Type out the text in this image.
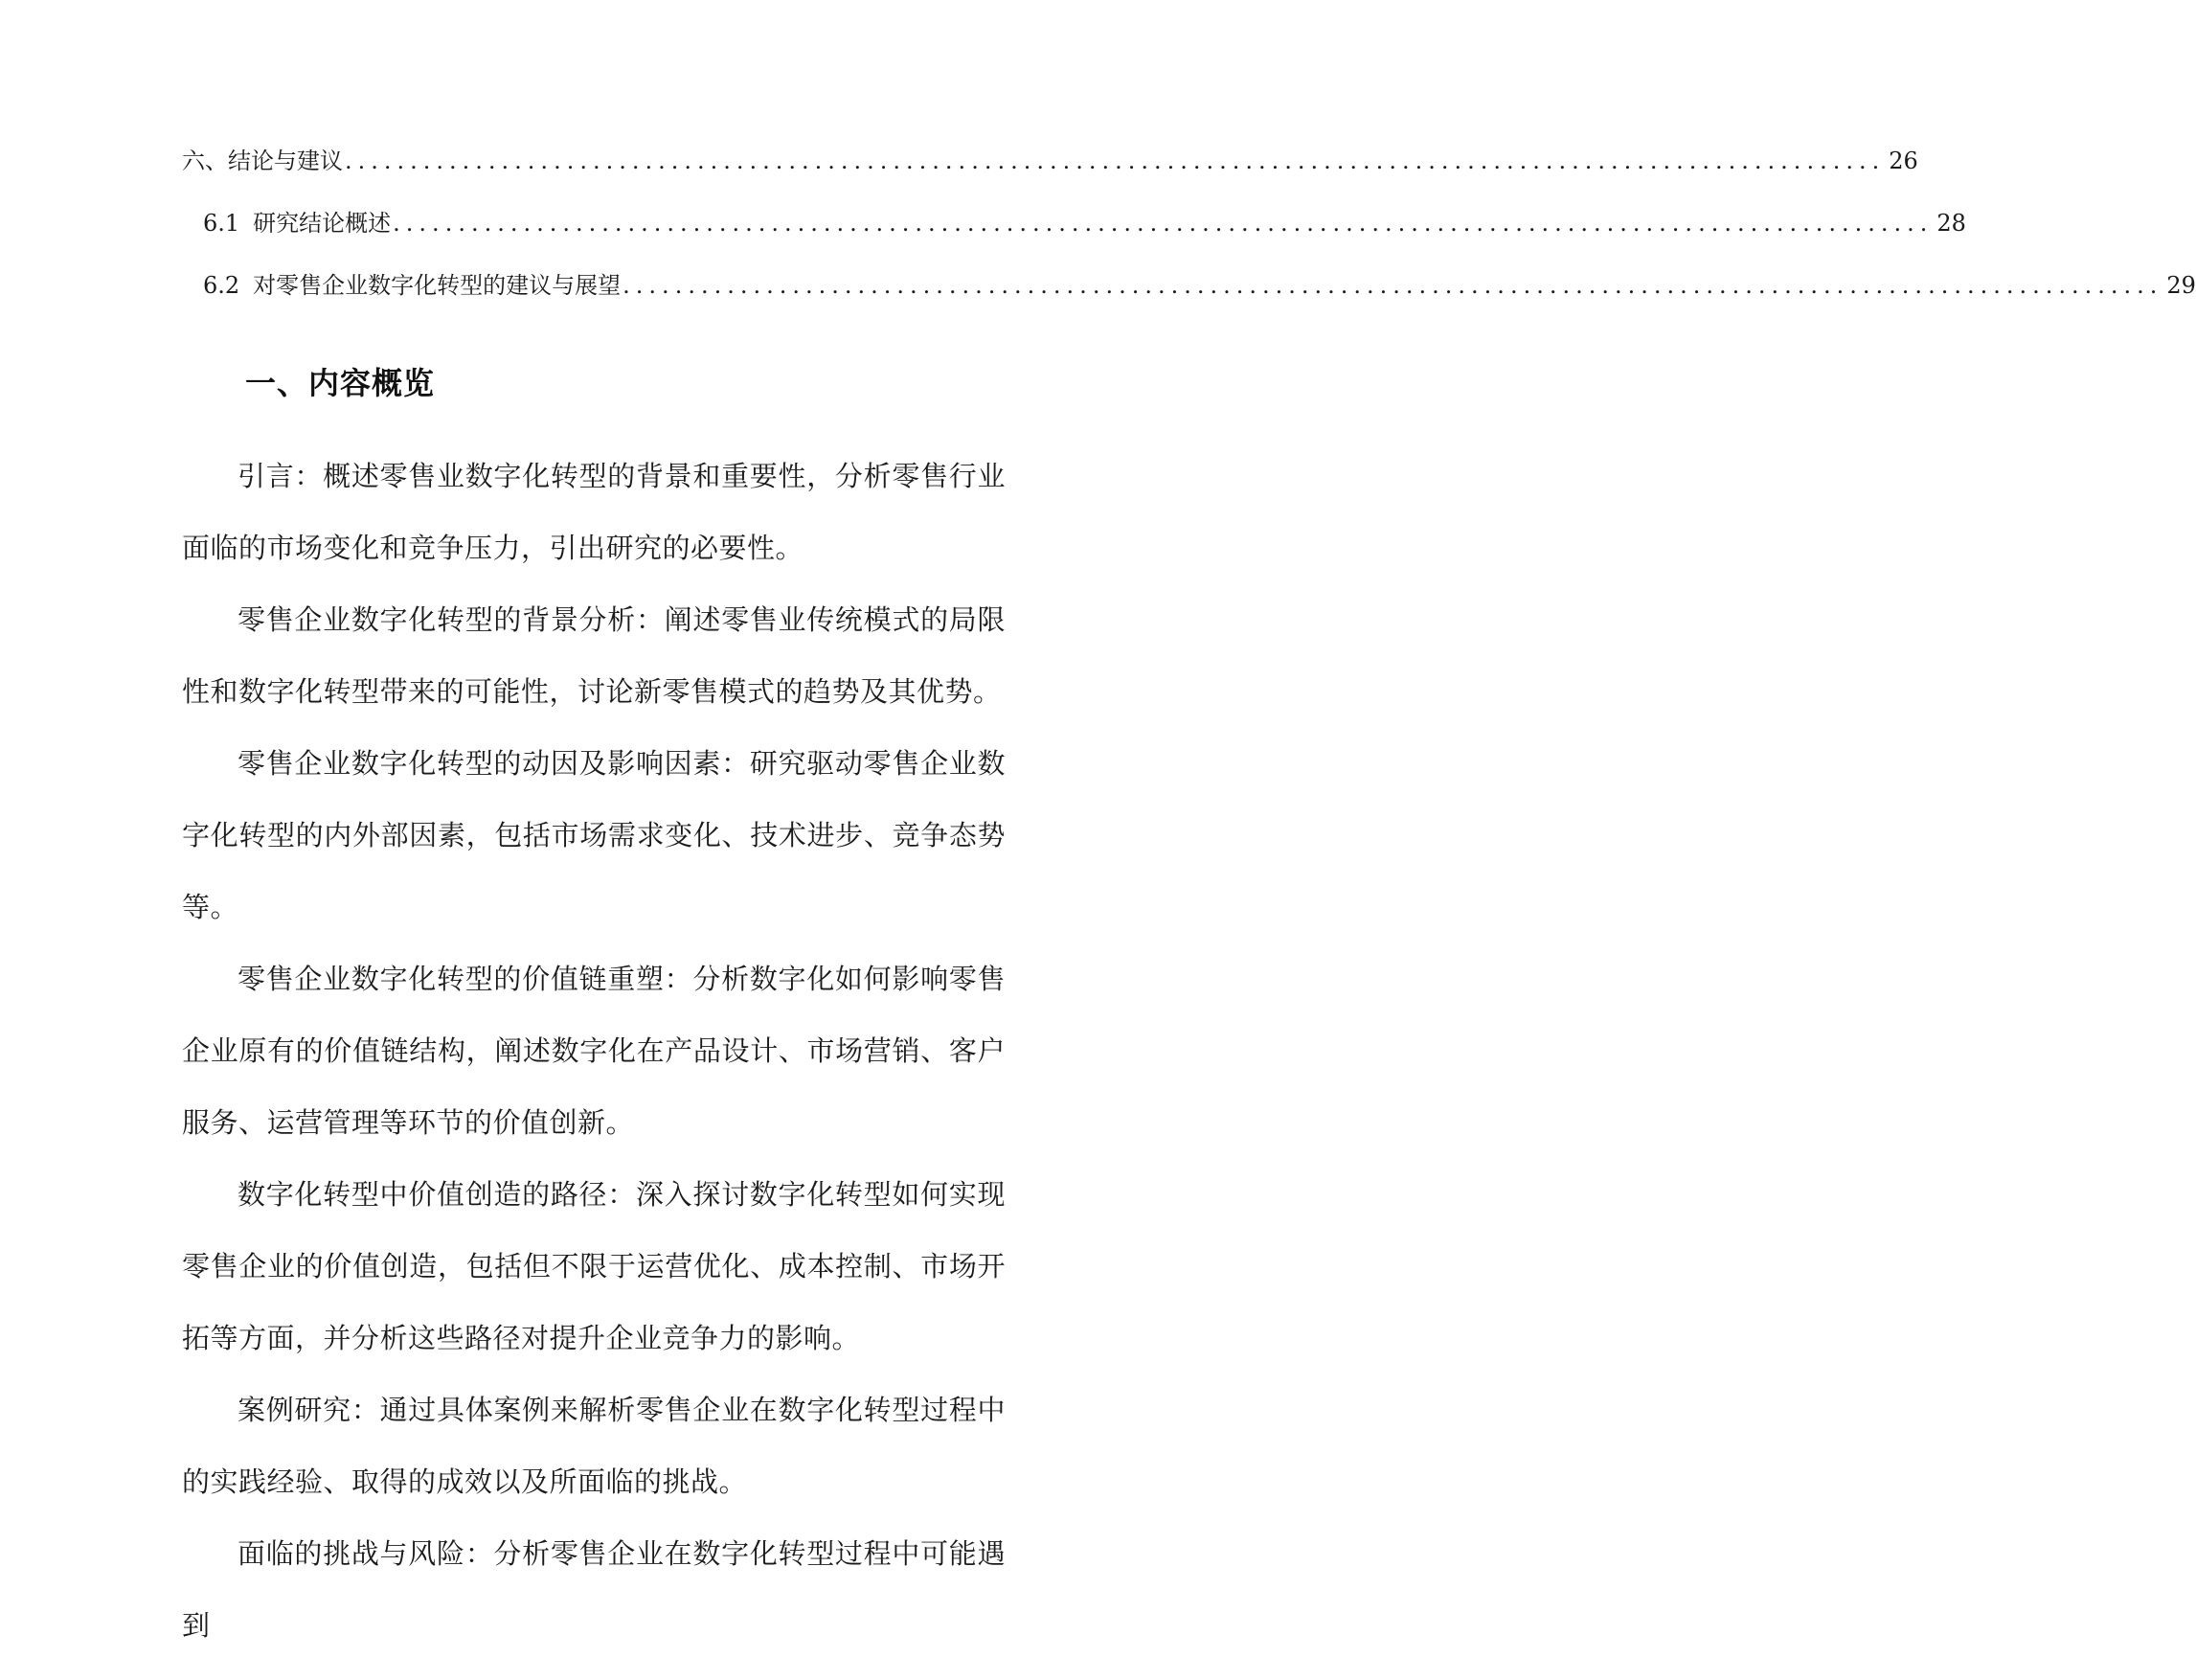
六、结论与建议 ...................................................................................................................... 26
6.1 研究结论概述 ...................................................................................................................... 28
6.2 对零售企业数字化转型的建议与展望 ...................................................................................................................... 29
一、内容概览

引言：概述零售业数字化转型的背景和重要性，分析零售行业面临的市场变化和竞争压力，引出研究的必要性。

零售企业数字化转型的背景分析：阐述零售业传统模式的局限性和数字化转型带来的可能性，讨论新零售模式的趋势及其优势。

零售企业数字化转型的动因及影响因素：研究驱动零售企业数字化转型的内外部因素，包括市场需求变化、技术进步、竞争态势等。

零售企业数字化转型的价值链重塑：分析数字化如何影响零售企业原有的价值链结构，阐述数字化在产品设计、市场营销、客户服务、运营管理等环节的价值创新。

数字化转型中价值创造的路径：深入探讨数字化转型如何实现零售企业的价值创造，包括但不限于运营优化、成本控制、市场开拓等方面，并分析这些路径对提升企业竞争力的影响。

案例研究：通过具体案例来解析零售企业在数字化转型过程中的实践经验、取得的成效以及所面临的挑战。

面临的挑战与风险：分析零售企业在数字化转型过程中可能遇到
